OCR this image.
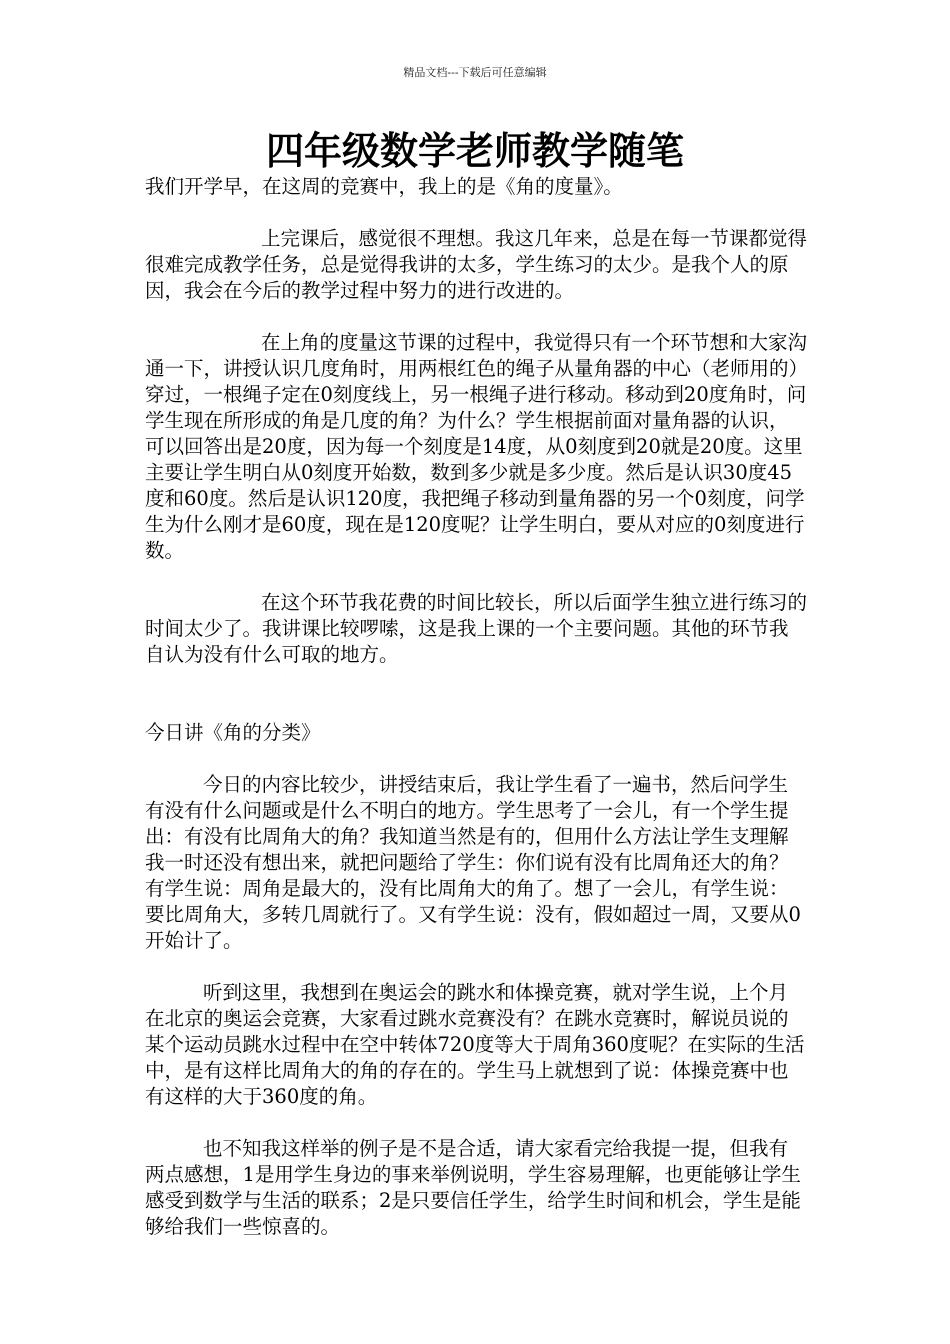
精品文档---下载后可任意编辑
四年级数学老师教学随笔

我们开学早，在这周的竞赛中，我上的是《角的度量》。

上完课后，感觉很不理想。我这几年来，总是在每一节课都觉得很难完成教学任务，总是觉得我讲的太多，学生练习的太少。是我个人的原因，我会在今后的教学过程中努力的进行改进的。

在上角的度量这节课的过程中，我觉得只有一个环节想和大家沟通一下，讲授认识几度角时，用两根红色的绳子从量角器的中心（老师用的）穿过，一根绳子定在0刻度线上，另一根绳子进行移动。移动到20度角时，问学生现在所形成的角是几度的角？为什么？学生根据前面对量角器的认识，可以回答出是20度，因为每一个刻度是14度，从0刻度到20就是20度。这里主要让学生明白从0刻度开始数，数到多少就是多少度。然后是认识30度45度和60度。然后是认识120度，我把绳子移动到量角器的另一个0刻度，问学生为什么刚才是60度，现在是120度呢？让学生明白，要从对应的0刻度进行数。

在这个环节我花费的时间比较长，所以后面学生独立进行练习的时间太少了。我讲课比较啰嗦，这是我上课的一个主要问题。其他的环节我自认为没有什么可取的地方。

今日讲《角的分类》

今日的内容比较少，讲授结束后，我让学生看了一遍书，然后问学生有没有什么问题或是什么不明白的地方。学生思考了一会儿，有一个学生提出：有没有比周角大的角？我知道当然是有的，但用什么方法让学生支理解我一时还没有想出来，就把问题给了学生：你们说有没有比周角还大的角？有学生说：周角是最大的，没有比周角大的角了。想了一会儿，有学生说：要比周角大，多转几周就行了。又有学生说：没有，假如超过一周，又要从0开始计了。

听到这里，我想到在奥运会的跳水和体操竞赛，就对学生说，上个月在北京的奥运会竞赛，大家看过跳水竞赛没有？在跳水竞赛时，解说员说的某个运动员跳水过程中在空中转体720度等大于周角360度呢？在实际的生活中，是有这样比周角大的角的存在的。学生马上就想到了说：体操竞赛中也有这样的大于360度的角。

也不知我这样举的例子是不是合适，请大家看完给我提一提，但我有两点感想，1是用学生身边的事来举例说明，学生容易理解，也更能够让学生感受到数学与生活的联系；2是只要信任学生，给学生时间和机会，学生是能够给我们一些惊喜的。
